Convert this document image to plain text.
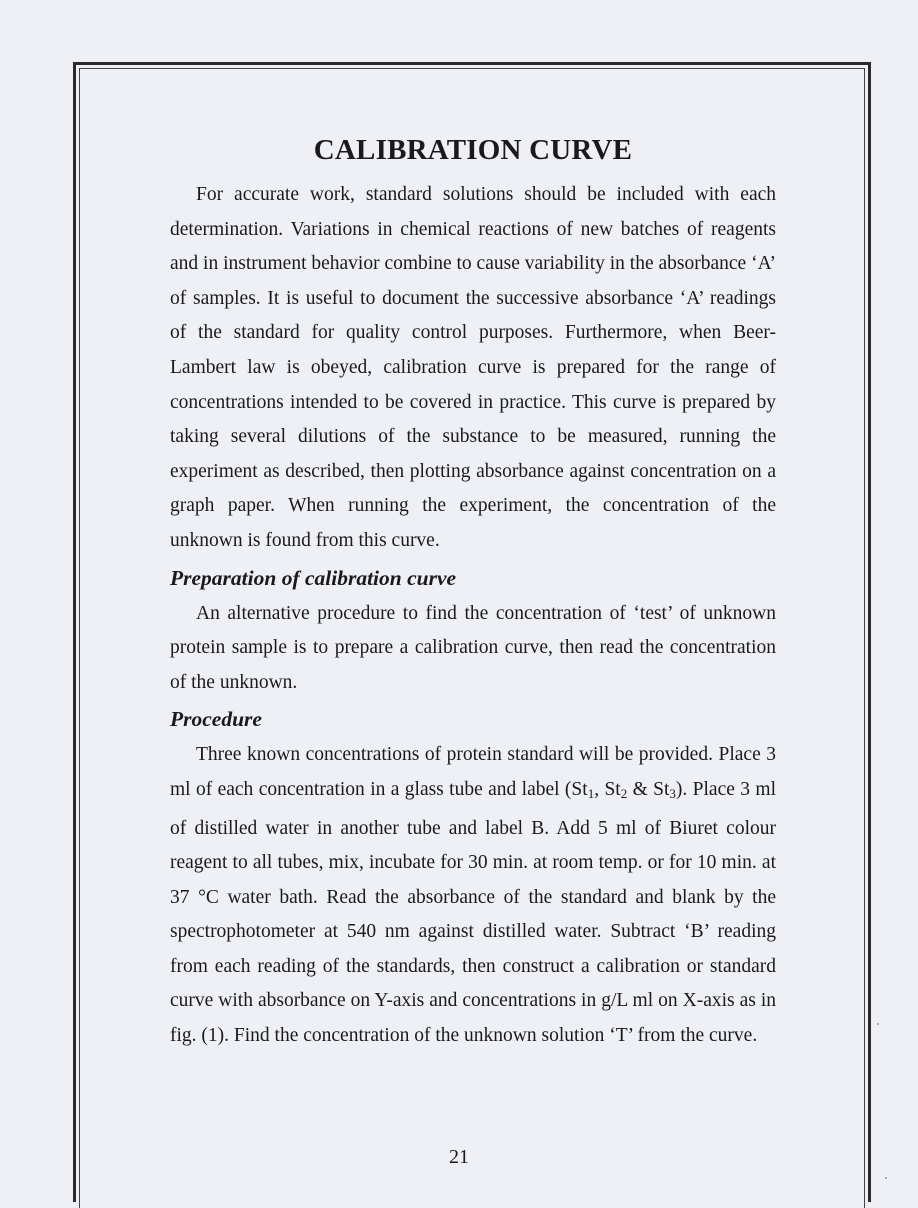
CALIBRATION CURVE

For accurate work, standard solutions should be included with each determination. Variations in chemical reactions of new batches of reagents and in instrument behavior combine to cause variability in the absorbance ‘A’ of samples. It is useful to document the successive absorbance ‘A’ readings of the standard for quality control purposes. Furthermore, when Beer-Lambert law is obeyed, calibration curve is prepared for the range of concentrations intended to be covered in practice. This curve is prepared by taking several dilutions of the substance to be measured, running the experiment as described, then plotting absorbance against concentration on a graph paper. When running the experiment, the concentration of the unknown is found from this curve.

Preparation of calibration curve

An alternative procedure to find the concentration of ‘test’ of unknown protein sample is to prepare a calibration curve, then read the concentration of the unknown.

Procedure

Three known concentrations of protein standard will be provided. Place 3 ml of each concentration in a glass tube and label (St1, St2 & St3). Place 3 ml of distilled water in another tube and label B. Add 5 ml of Biuret colour reagent to all tubes, mix, incubate for 30 min. at room temp. or for 10 min. at 37 °C water bath. Read the absorbance of the standard and blank by the spectrophotometer at 540 nm against distilled water. Subtract ‘B’ reading from each reading of the standards, then construct a calibration or standard curve with absorbance on Y-axis and concentrations in g/L ml on X-axis as in fig. (1). Find the concentration of the unknown solution ‘T’ from the curve.

21
